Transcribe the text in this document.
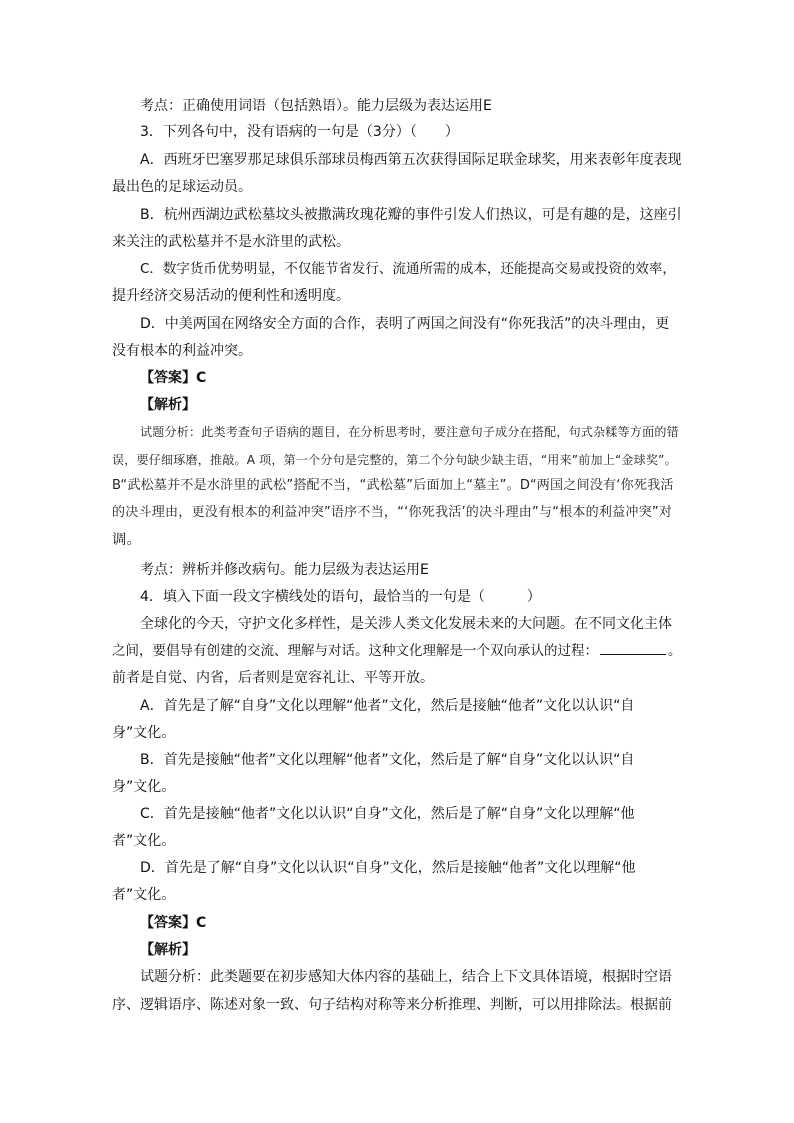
考点：正确使用词语（包括熟语）。能力层级为表达运用E
3．下列各句中，没有语病的一句是（3分）（　　）
A．西班牙巴塞罗那足球俱乐部球员梅西第五次获得国际足联金球奖，用来表彰年度表现
最出色的足球运动员。
B．杭州西湖边武松墓坟头被撒满玫瑰花瓣的事件引发人们热议，可是有趣的是，这座引
来关注的武松墓并不是水浒里的武松。
C．数字货币优势明显，不仅能节省发行、流通所需的成本，还能提高交易或投资的效率，
提升经济交易活动的便利性和透明度。
D．中美两国在网络安全方面的合作，表明了两国之间没有“你死我活”的决斗理由，更
没有根本的利益冲突。
【答案】C
【解析】
试题分析：此类考查句子语病的题目，在分析思考时，要注意句子成分在搭配，句式杂糅等方面的错
误，要仔细琢磨，推敲。A 项，第一个分句是完整的，第二个分句缺少缺主语，“用来”前加上“金球奖”。
B“武松墓并不是水浒里的武松”搭配不当，“武松墓”后面加上“墓主”。D“两国之间没有‘你死我活
的决斗理由，更没有根本的利益冲突”语序不当，“‘你死我活’的决斗理由”与“根本的利益冲突”对
调。
考点：辨析并修改病句。能力层级为表达运用E
4．填入下面一段文字横线处的语句，最恰当的一句是（　　　）
全球化的今天，守护文化多样性，是关涉人类文化发展未来的大问题。在不同文化主体
之间，要倡导有创建的交流、理解与对话。这种文化理解是一个双向承认的过程：	。
前者是自觉、内省，后者则是宽容礼让、平等开放。
A．首先是了解“自身”文化以理解“他者”文化，然后是接触“他者”文化以认识“自
身”文化。
B．首先是接触“他者”文化以理解“他者”文化，然后是了解“自身”文化以认识“自
身”文化。
C．首先是接触“他者”文化以认识“自身”文化，然后是了解“自身”文化以理解“他
者”文化。
D．首先是了解“自身”文化以认识“自身”文化，然后是接触“他者”文化以理解“他
者”文化。
【答案】C
【解析】
试题分析：此类题要在初步感知大体内容的基础上，结合上下文具体语境，根据时空语
序、逻辑语序、陈述对象一致、句子结构对称等来分析推理、判断，可以用排除法。根据前
